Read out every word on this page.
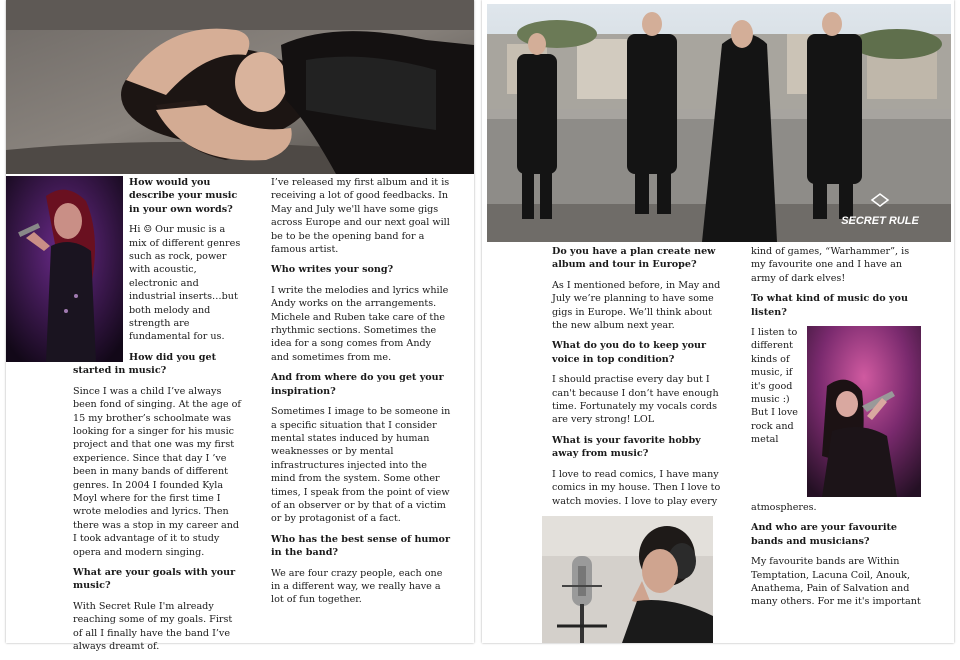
How would you describe your music in your own words?

Hi ☺ Our music is a mix of different genres such as rock, power with acoustic, electronic and industrial inserts…but both melody and strength are fundamental for us.

How did you get started in music?

Since I was a child I’ve always been fond of singing. At the age of 15 my brother’s schoolmate was looking for a singer for his music project and that one was my first experience. Since that day I ’ve been in many bands of different genres. In 2004 I founded Kyla Moyl where for the first time I wrote melodies and lyrics. Then there was a stop in my career and I took advantage of it to study opera and modern singing.

What are your goals with your music?

With Secret Rule I'm already reaching some of my goals. First of all I finally have the band I’ve always dreamt of.

I’ve released my first album and it is receiving a lot of good feedbacks. In May and July we'll have some gigs across Europe and our next goal will be to be the opening band for a famous artist.

Who writes your song?

I write the melodies and lyrics while Andy works on the arrangements. Michele and Ruben take care of the rhythmic sections. Sometimes the idea for a song comes from Andy and sometimes from me.

And from where do you get your inspiration?

Sometimes I image to be someone in a specific situation that I consider mental states induced by human weaknesses or by mental infrastructures injected into the mind from the system. Some other times, I speak from the point of view of an observer or by that of a victim or by protagonist of a fact.

Who has the best sense of humor in the band?

We are four crazy people, each one in a different way, we really have a lot of fun together.

SECRET RULE

Do you have a plan create new album and tour in Europe?

As I mentioned before, in May and July we’re planning to have some gigs in Europe. We’ll think about the new album next year.

What do you do to keep your voice in top condition?

I should practise every day but I can't because I don’t have enough time. Fortunately my vocals cords are very strong! LOL

What is your favorite hobby away from music?

I love to read comics, I have many comics in my house. Then I love to watch movies. I love to play every

kind of games, “Warhammer”, is my favourite one and I have an army of dark elves!

To what kind of music do you listen?

I listen to different kinds of music, if it's good music :) But I love rock and metal atmospheres.

And who are your favourite bands and musicians?

My favourite bands are Within Temptation, Lacuna Coil, Anouk, Anathema, Pain of Salvation and many others. For me it's important
